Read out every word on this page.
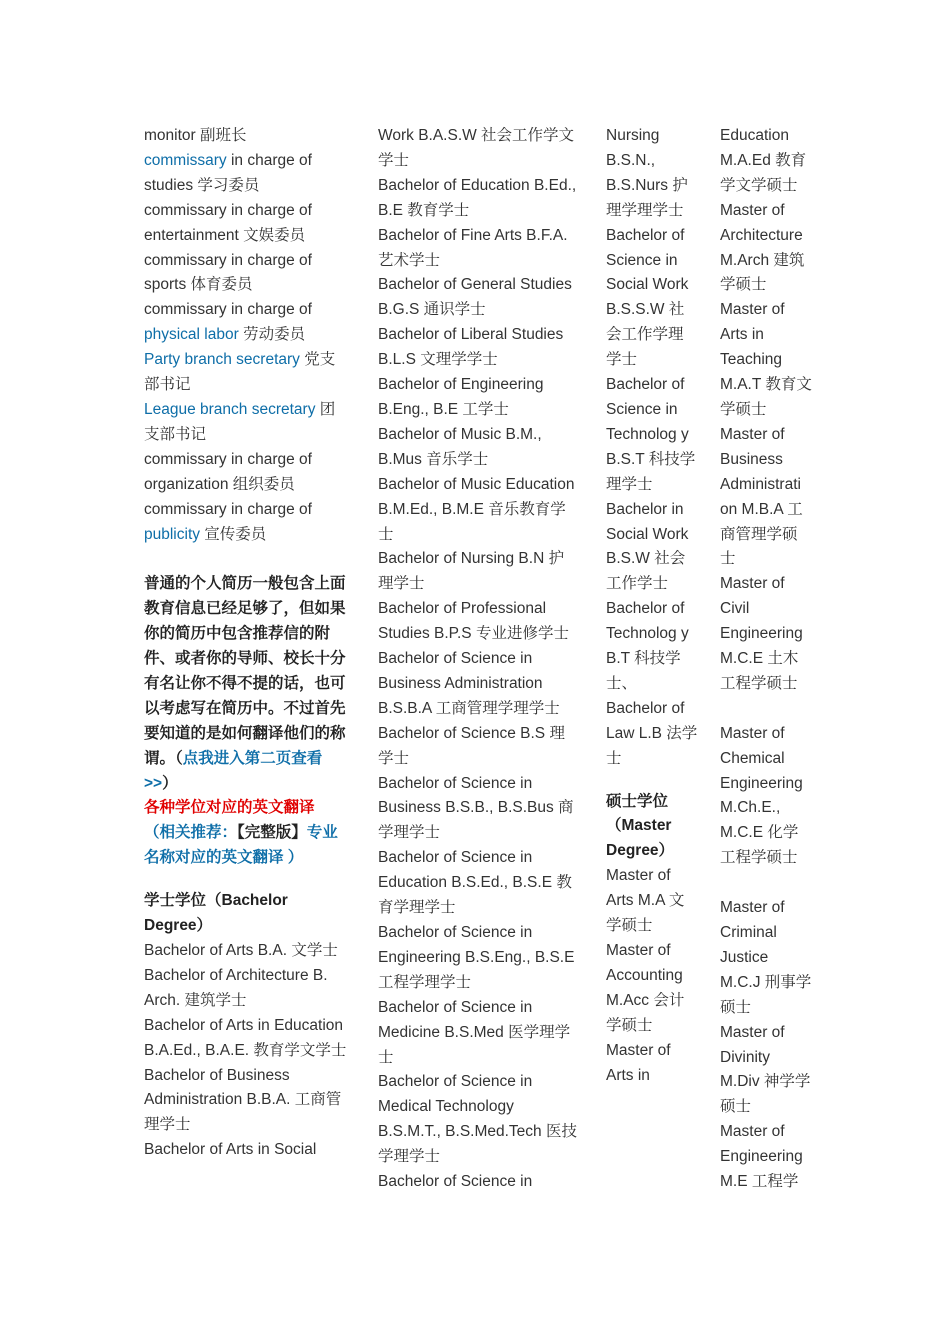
monitor 副班长

commissary in charge of studies 学习委员

commissary in charge of entertainment 文娱委员

commissary in charge of sports 体育委员

commissary in charge of physical labor 劳动委员

Party branch secretary 党支部书记

League branch secretary 团支部书记

commissary in charge of organization 组织委员

commissary in charge of publicity 宣传委员

普通的个人简历一般包含上面教育信息已经足够了，但如果你的简历中包含推荐信的附件、或者你的导师、校长十分有名让你不得不提的话，也可以考虑写在简历中。不过首先要知道的是如何翻译他们的称谓。（点我进入第二页查看>>）

各种学位对应的英文翻译

（相关推荐：【完整版】专业名称对应的英文翻译 ）

学士学位（Bachelor Degree）

Bachelor of Arts B.A. 文学士

Bachelor of Architecture B. Arch. 建筑学士

Bachelor of Arts in Education B.A.Ed., B.A.E. 教育学文学士

Bachelor of Business Administration B.B.A. 工商管理学士

Bachelor of Arts in Social

Work B.A.S.W 社会工作学文学士

Bachelor of Education B.Ed., B.E 教育学士

Bachelor of Fine Arts B.F.A. 艺术学士

Bachelor of General Studies B.G.S 通识学士

Bachelor of Liberal Studies B.L.S 文理学学士

Bachelor of Engineering B.Eng., B.E 工学士

Bachelor of Music B.M., B.Mus 音乐学士

Bachelor of Music Education B.M.Ed., B.M.E 音乐教育学士

Bachelor of Nursing B.N 护理学士

Bachelor of Professional Studies B.P.S 专业进修学士

Bachelor of Science in Business Administration B.S.B.A 工商管理学理学士

Bachelor of Science B.S 理学士

Bachelor of Science in Business B.S.B., B.S.Bus 商学理学士

Bachelor of Science in Education B.S.Ed., B.S.E 教育学理学士

Bachelor of Science in Engineering B.S.Eng., B.S.E 工程学理学士

Bachelor of Science in Medicine B.S.Med 医学理学士

Bachelor of Science in Medical Technology B.S.M.T., B.S.Med.Tech 医技学理学士

Bachelor of Science in

Nursing B.S.N., B.S.Nurs 护理学理学士

Bachelor of Science in Social Work B.S.S.W 社会工作学理学士

Bachelor of Science in Technolog y B.S.T 科技学理学士

Bachelor in Social Work B.S.W 社会工作学士

Bachelor of Technolog y B.T 科技学士、Bachelor of Law L.B 法学士

硕士学位（Master Degree）

Master of Arts M.A 文学硕士

Master of Accounting M.Acc 会计学硕士

Master of Arts in

Education M.A.Ed 教育学文学硕士

Master of Architecture M.Arch 建筑学硕士

Master of Arts in Teaching M.A.T 教育文学硕士

Master of Business Administrati on M.B.A 工商管理学硕士

Master of Civil Engineering M.C.E 土木工程学硕士

Master of Chemical Engineering M.Ch.E., M.C.E 化学工程学硕士

Master of Criminal Justice M.C.J 刑事学硕士

Master of Divinity M.Div 神学学硕士

Master of Engineering M.E 工程学
